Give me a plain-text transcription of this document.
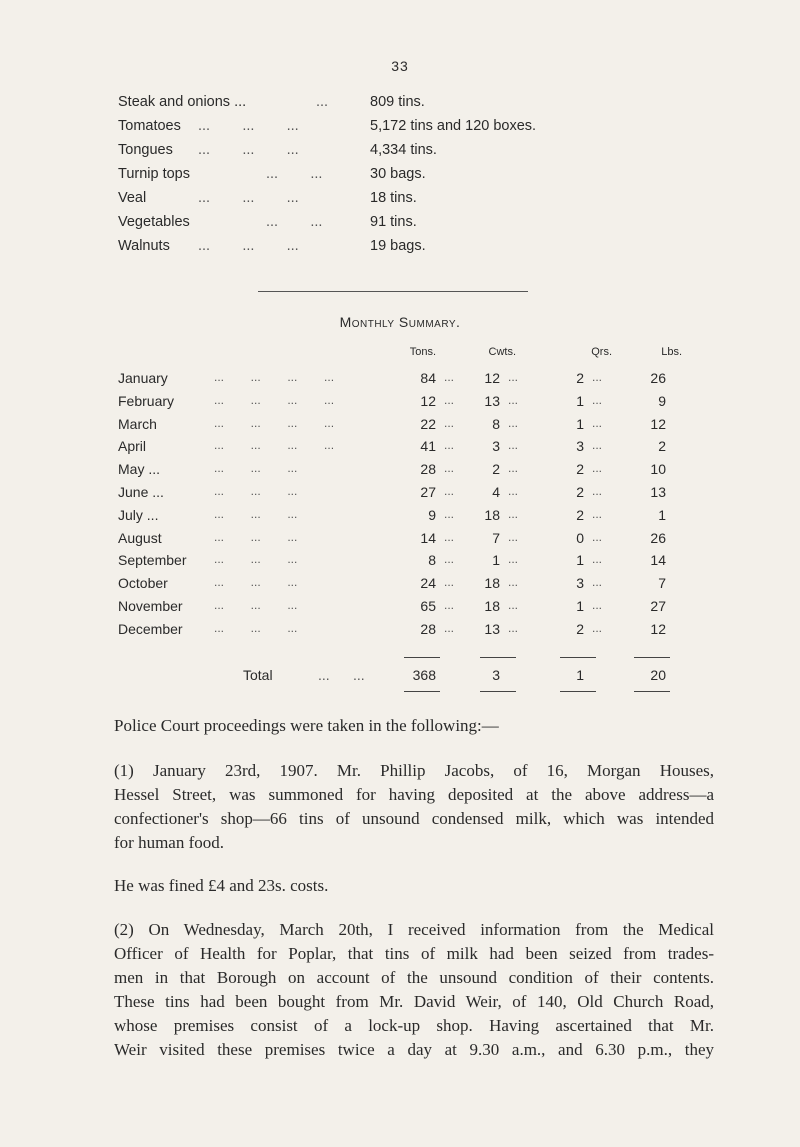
33
Steak and onions ...	...	809 tins.
Tomatoes ...        ...        ...	5,172 tins and 120 boxes.
Tongues ...        ...        ...	4,334 tins.
Turnip tops	...        ...	30 bags.
Veal	...        ...        ...	18 tins.
Vegetables	...        ...	91 tins.
Walnuts ...        ...        ...	19 bags.
Monthly Summary.
Tons.	Cwts.	Qrs.	Lbs.
January	...        ...        ...        ...	84 ...	12 ...	2 ...	26
February	...        ...        ...        ...	12 ...	13 ...	1 ...	9
March	...        ...        ...        ...	22 ...	8 ...	1 ...	12
April	...        ...        ...        ...	41 ...	3 ...	3 ...	2
May ...	...        ...        ...	28 ...	2 ...	2 ...	10
June ...	...        ...        ...	27 ...	4 ...	2 ...	13
July ...	...        ...        ...	9 ...	18 ...	2 ...	1
August	...        ...        ...	14 ...	7 ...	0 ...	26
September ...        ...        ...	8 ...	1 ...	1 ...	14
October	...        ...        ...	24 ...	18 ...	3 ...	7
November	...        ...        ...	65 ...	18 ...	1 ...	27
December	...        ...        ...	28 ...	13 ...	2 ...	12
Total	...      ...	368	3	1	20
Police Court proceedings were taken in the following:—
(1) January 23rd, 1907. Mr. Phillip Jacobs, of 16, Morgan Houses,
Hessel Street, was summoned for having deposited at the above address—a
confectioner's shop—66 tins of unsound condensed milk, which was intended
for human food.
He was fined £4 and 23s. costs.
(2) On Wednesday, March 20th, I received information from the Medical
Officer of Health for Poplar, that tins of milk had been seized from trades-
men in that Borough on account of the unsound condition of their contents.
These tins had been bought from Mr. David Weir, of 140, Old Church Road,
whose premises consist of a lock-up shop. Having ascertained that Mr.
Weir visited these premises twice a day at 9.30 a.m., and 6.30 p.m., they
